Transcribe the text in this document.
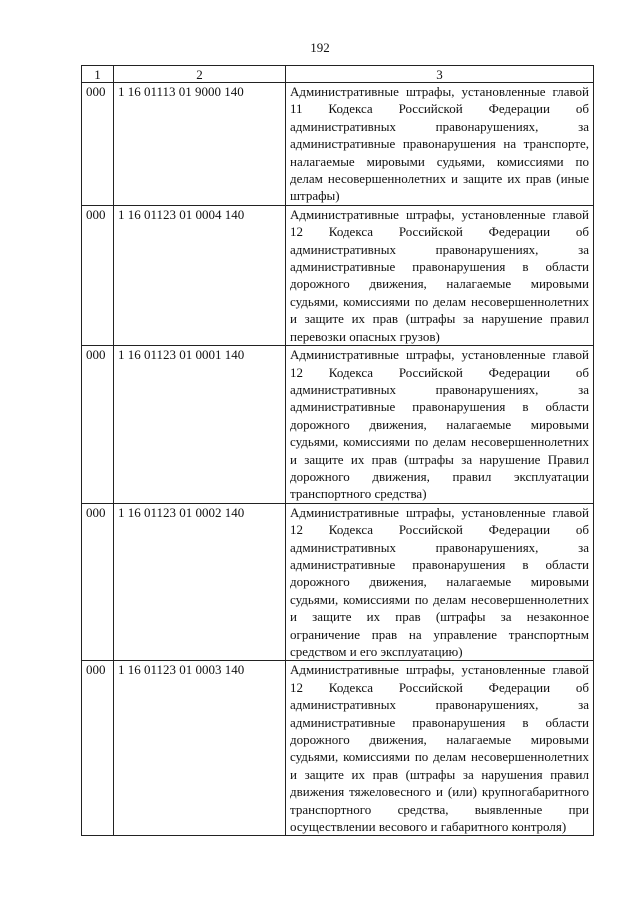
192
1	2	3
000	1 16 01113 01 9000 140	Административные штрафы, установленные главой 11 Кодекса Российской Федерации об административных правонарушениях, за административные правонарушения на транспорте, налагаемые мировыми судьями, комиссиями по делам несовершеннолетних и защите их прав (иные штрафы)
000	1 16 01123 01 0004 140	Административные штрафы, установленные главой 12 Кодекса Российской Федерации об административных правонарушениях, за административные правонарушения в области дорожного движения, налагаемые мировыми судьями, комиссиями по делам несовершеннолетних и защите их прав (штрафы за нарушение правил перевозки опасных грузов)
000	1 16 01123 01 0001 140	Административные штрафы, установленные главой 12 Кодекса Российской Федерации об административных правонарушениях, за административные правонарушения в области дорожного движения, налагаемые мировыми судьями, комиссиями по делам несовершеннолетних и защите их прав (штрафы за нарушение Правил дорожного движения, правил эксплуатации транспортного средства)
000	1 16 01123 01 0002 140	Административные штрафы, установленные главой 12 Кодекса Российской Федерации об административных правонарушениях, за административные правонарушения в области дорожного движения, налагаемые мировыми судьями, комиссиями по делам несовершеннолетних и защите их прав (штрафы за незаконное ограничение прав на управление транспортным средством и его эксплуатацию)
000	1 16 01123 01 0003 140	Административные штрафы, установленные главой 12 Кодекса Российской Федерации об административных правонарушениях, за административные правонарушения в области дорожного движения, налагаемые мировыми судьями, комиссиями по делам несовершеннолетних и защите их прав (штрафы за нарушения правил движения тяжеловесного и (или) крупногабаритного транспортного средства, выявленные при осуществлении весового и габаритного контроля)
